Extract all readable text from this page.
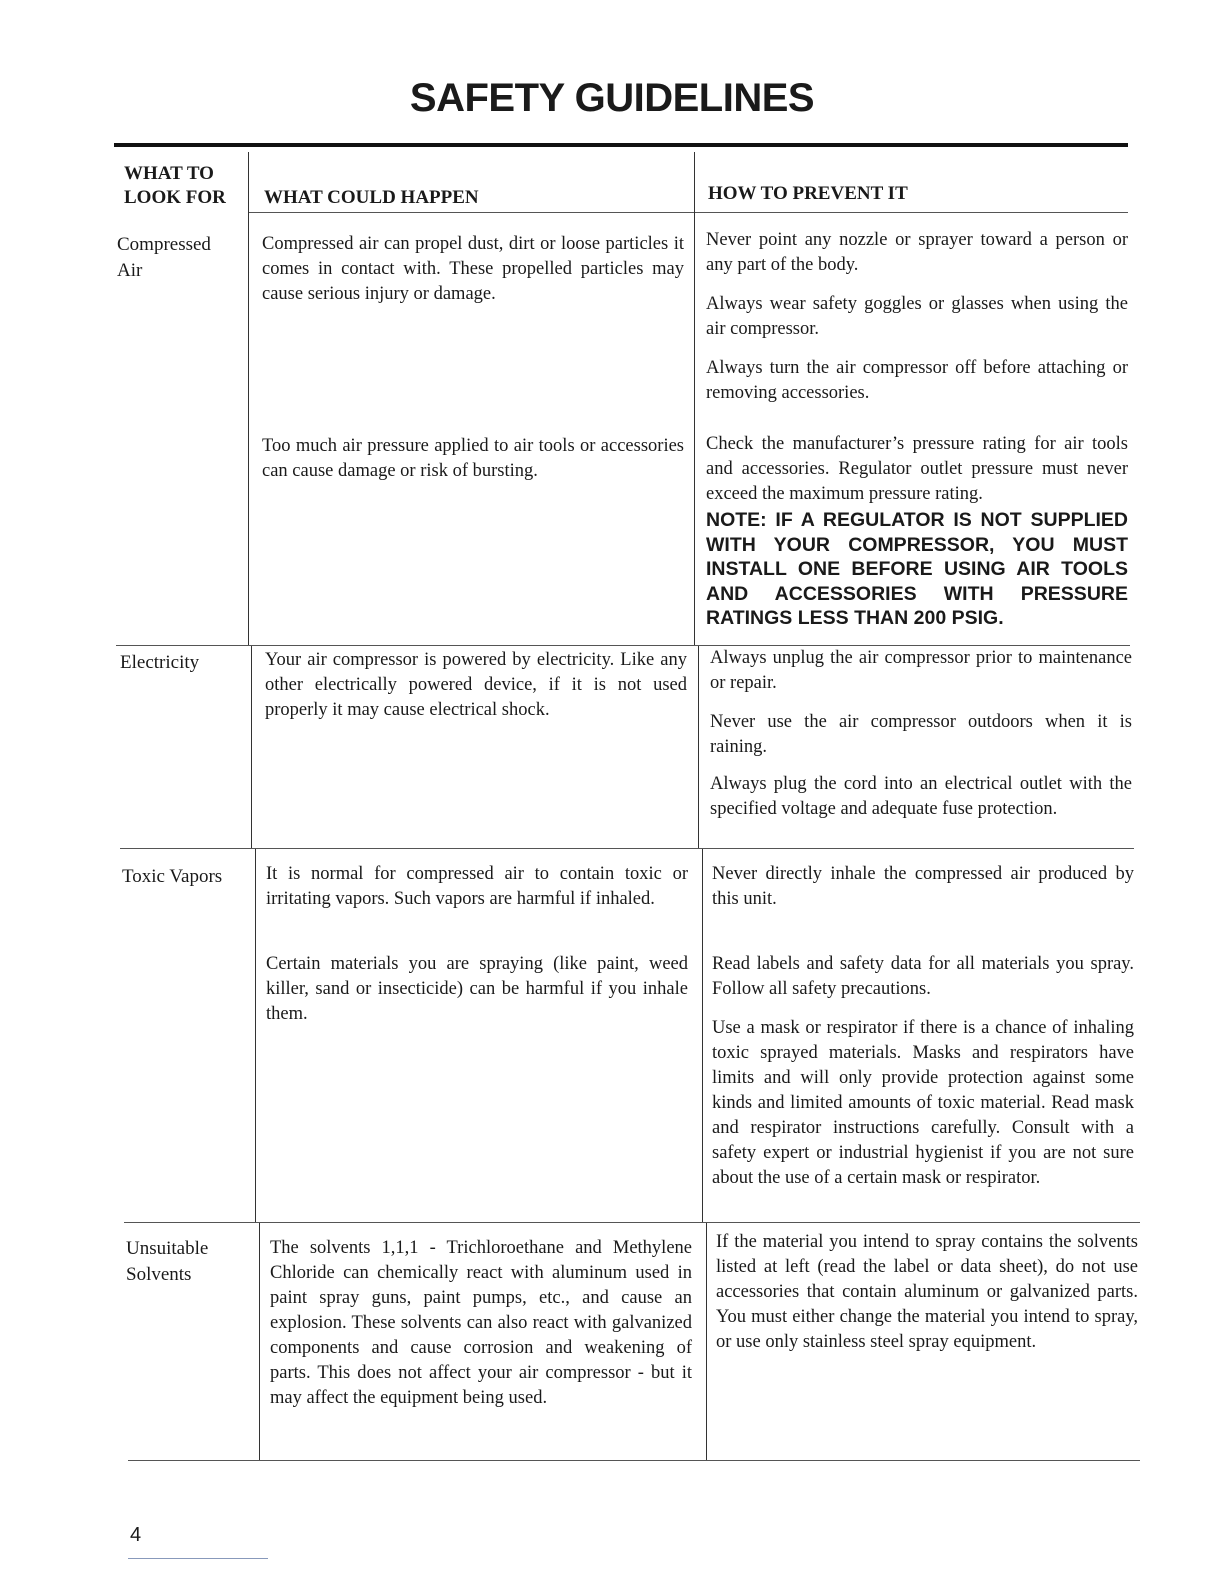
SAFETY GUIDELINES
WHAT TO
LOOK FOR WHAT COULD HAPPEN	HOW TO PREVENT IT
Compressed
Air
Compressed air can propel dust, dirt or loose particles it comes in contact with. These propelled particles may cause serious injury or damage.
Too much air pressure applied to air tools or accessories can cause damage or risk of bursting.
Never point any nozzle or sprayer toward a person or any part of the body.
Always wear safety goggles or glasses when using the air compressor.
Always turn the air compressor off before attaching or removing accessories.
Check the manufacturer’s pressure rating for air tools and accessories. Regulator outlet pressure must never exceed the maximum pressure rating.
NOTE: IF A REGULATOR IS NOT SUPPLIED WITH YOUR COMPRESSOR, YOU MUST INSTALL ONE BEFORE USING AIR TOOLS AND ACCESSORIES WITH PRESSURE RATINGS LESS THAN 200 PSIG.
Electricity	Your air compressor is powered by electricity. Like any other electrically powered device, if it is not used properly it may cause electrical shock.
Always unplug the air compressor prior to maintenance or repair.
Never use the air compressor outdoors when it is raining.
Always plug the cord into an electrical outlet with the specified voltage and adequate fuse protection.
Toxic Vapors It is normal for compressed air to contain toxic or irritating vapors. Such vapors are harmful if inhaled.
Certain materials you are spraying (like paint, weed killer, sand or insecticide) can be harmful if you inhale them.
Never directly inhale the compressed air produced by this unit.
Read labels and safety data for all materials you spray. Follow all safety precautions.
Use a mask or respirator if there is a chance of inhaling toxic sprayed materials. Masks and respirators have limits and will only provide protection against some kinds and limited amounts of toxic material. Read mask and respirator instructions carefully. Consult with a safety expert or industrial hygienist if you are not sure about the use of a certain mask or respirator.
Unsuitable
Solvents
The solvents 1,1,1 - Trichloroethane and Methylene Chloride can chemically react with aluminum used in paint spray guns, paint pumps, etc., and cause an explosion. These solvents can also react with galvanized components and cause corrosion and weakening of parts. This does not affect your air compressor - but it may affect the equipment being used.
If the material you intend to spray contains the solvents listed at left (read the label or data sheet), do not use accessories that contain aluminum or galvanized parts. You must either change the material you intend to spray, or use only stainless steel spray equipment.
4
